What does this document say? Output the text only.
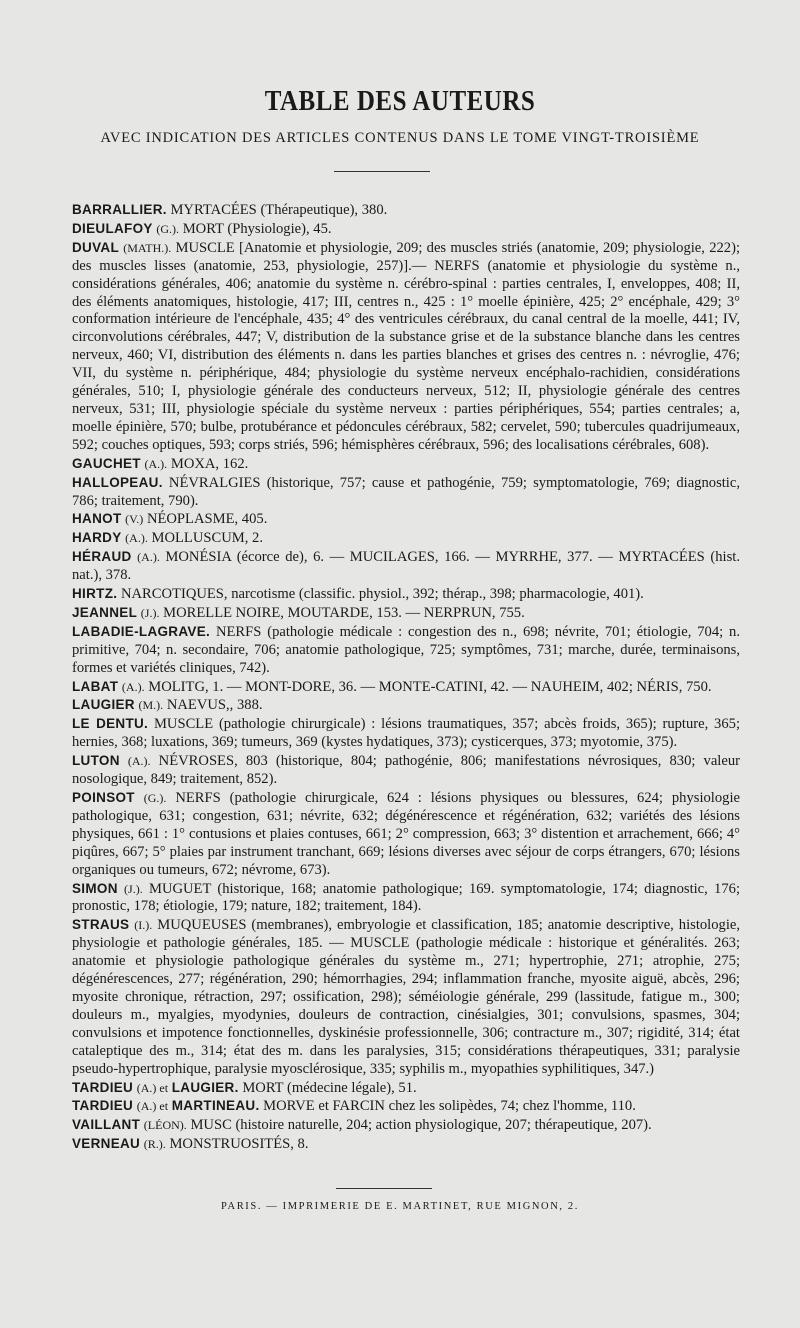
TABLE DES AUTEURS
AVEC INDICATION DES ARTICLES CONTENUS DANS LE TOME VINGT-TROISIÈME
BARRALLIER. MYRTACÉES (Thérapeutique), 380.
DIEULAFOY (G.). MORT (Physiologie), 45.
DUVAL (MATH.). MUSCLE [Anatomie et physiologie, 209; des muscles striés (anatomie, 209; physiologie, 222); des muscles lisses (anatomie, 253, physiologie, 257)].— NERFS (anatomie et physiologie du système n., considérations générales, 406; anatomie du système n. cérébro-spinal : parties centrales, I, enveloppes, 408; II, des éléments anatomiques, histologie, 417; III, centres n., 425 : 1° moelle épinière, 425; 2° encéphale, 429; 3° conformation intérieure de l'encéphale, 435; 4° des ventricules cérébraux, du canal central de la moelle, 441; IV, circonvolutions cérébrales, 447; V, distribution de la substance grise et de la substance blanche dans les centres nerveux, 460; VI, distribution des éléments n. dans les parties blanches et grises des centres n. : névroglie, 476; VII, du système n. périphérique, 484; physiologie du système nerveux encéphalo-rachidien, considérations générales, 510; I, physiologie générale des conducteurs nerveux, 512; II, physiologie générale des centres nerveux, 531; III, physiologie spéciale du système nerveux : parties périphériques, 554; parties centrales; a, moelle épinière, 570; bulbe, protubérance et pédoncules cérébraux, 582; cervelet, 590; tubercules quadrijumeaux, 592; couches optiques, 593; corps striés, 596; hémisphères cérébraux, 596; des localisations cérébrales, 608).
GAUCHET (A.). MOXA, 162.
HALLOPEAU. NÉVRALGIES (historique, 757; cause et pathogénie, 759; symptomatologie, 769; diagnostic, 786; traitement, 790).
HANOT (V.) NÉOPLASME, 405.
HARDY (A.). MOLLUSCUM, 2.
HÉRAUD (A.). MONÉSIA (écorce de), 6. — MUCILAGES, 166. — MYRRHE, 377. — MYRTACÉES (hist. nat.), 378.
HIRTZ. NARCOTIQUES, narcotisme (classific. physiol., 392; thérap., 398; pharmacologie, 401).
JEANNEL (J.). MORELLE NOIRE, MOUTARDE, 153. — NERPRUN, 755.
LABADIE-LAGRAVE. NERFS (pathologie médicale : congestion des n., 698; névrite, 701; étiologie, 704; n. primitive, 704; n. secondaire, 706; anatomie pathologique, 725; symptômes, 731; marche, durée, terminaisons, formes et variétés cliniques, 742).
LABAT (A.). MOLITG, 1. — MONT-DORE, 36. — MONTE-CATINI, 42. — NAUHEIM, 402; NÉRIS, 750.
LAUGIER (M.). NAEVUS,, 388.
LE DENTU. MUSCLE (pathologie chirurgicale) : lésions traumatiques, 357; abcès froids, 365); rupture, 365; hernies, 368; luxations, 369; tumeurs, 369 (kystes hydatiques, 373); cysticerques, 373; myotomie, 375).
LUTON (A.). NÉVROSES, 803 (historique, 804; pathogénie, 806; manifestations névrosiques, 830; valeur nosologique, 849; traitement, 852).
POINSOT (G.). NERFS (pathologie chirurgicale, 624 : lésions physiques ou blessures, 624; physiologie pathologique, 631; congestion, 631; névrite, 632; dégénérescence et régénération, 632; variétés des lésions physiques, 661 : 1° contusions et plaies contuses, 661; 2° compression, 663; 3° distention et arrachement, 666; 4° piqûres, 667; 5° plaies par instrument tranchant, 669; lésions diverses avec séjour de corps étrangers, 670; lésions organiques ou tumeurs, 672; névrome, 673).
SIMON (J.). MUGUET (historique, 168; anatomie pathologique; 169. symptomatologie, 174; diagnostic, 176; pronostic, 178; étiologie, 179; nature, 182; traitement, 184).
STRAUS (I.). MUQUEUSES (membranes), embryologie et classification, 185; anatomie descriptive, histologie, physiologie et pathologie générales, 185. — MUSCLE (pathologie médicale : historique et généralités. 263; anatomie et physiologie pathologique générales du système m., 271; hypertrophie, 271; atrophie, 275; dégénérescences, 277; régénération, 290; hémorrhagies, 294; inflammation franche, myosite aiguë, abcès, 296; myosite chronique, rétraction, 297; ossification, 298); séméiologie générale, 299 (lassitude, fatigue m., 300; douleurs m., myalgies, myodynies, douleurs de contraction, cinésialgies, 301; convulsions, spasmes, 304; convulsions et impotence fonctionnelles, dyskinésie professionnelle, 306; contracture m., 307; rigidité, 314; état cataleptique des m., 314; état des m. dans les paralysies, 315; considérations thérapeutiques, 331; paralysie pseudo-hypertrophique, paralysie myosclérosique, 335; syphilis m., myopathies syphilitiques, 347.)
TARDIEU (A.) et LAUGIER. MORT (médecine légale), 51.
TARDIEU (A.) et MARTINEAU. MORVE et FARCIN chez les solipèdes, 74; chez l'homme, 110.
VAILLANT (LÉON). MUSC (histoire naturelle, 204; action physiologique, 207; thérapeutique, 207).
VERNEAU (R.). MONSTRUOSITÉS, 8.
PARIS. — IMPRIMERIE DE E. MARTINET, RUE MIGNON, 2.
